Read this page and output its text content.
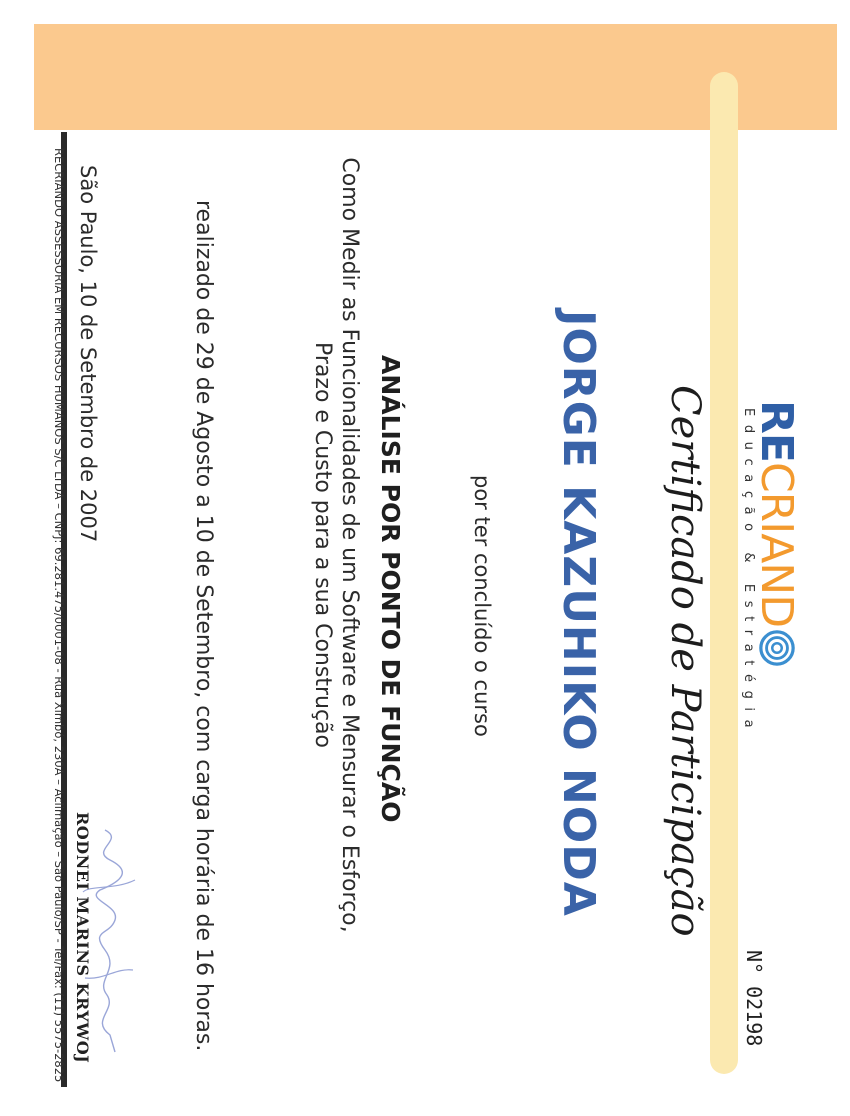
RECRIAND
Educação & Estratégia
N° 02198
Certificado de Participação
JORGE KAZUHIKO NODA
por ter concluído o curso
ANÁLISE POR PONTO DE FUNÇÃO
Como Medir as Funcionalidades de um Software e Mensurar o Esforço, Prazo e Custo para a sua Construção
realizado de 29 de Agosto a 10 de Setembro, com carga horária de 16 horas.
São Paulo, 10 de Setembro de 2007
RODNEI MARINS KRYWOJ
RECRIANDO ASSESSORIA EM RECURSOS HUMANOS S/C LTDA – CNPJ: 69.281.475/0001-08 - Rua Ximbó, 230A – Aclimação – São Paulo/SP - Tel/Fax: (11) 5575-2825
